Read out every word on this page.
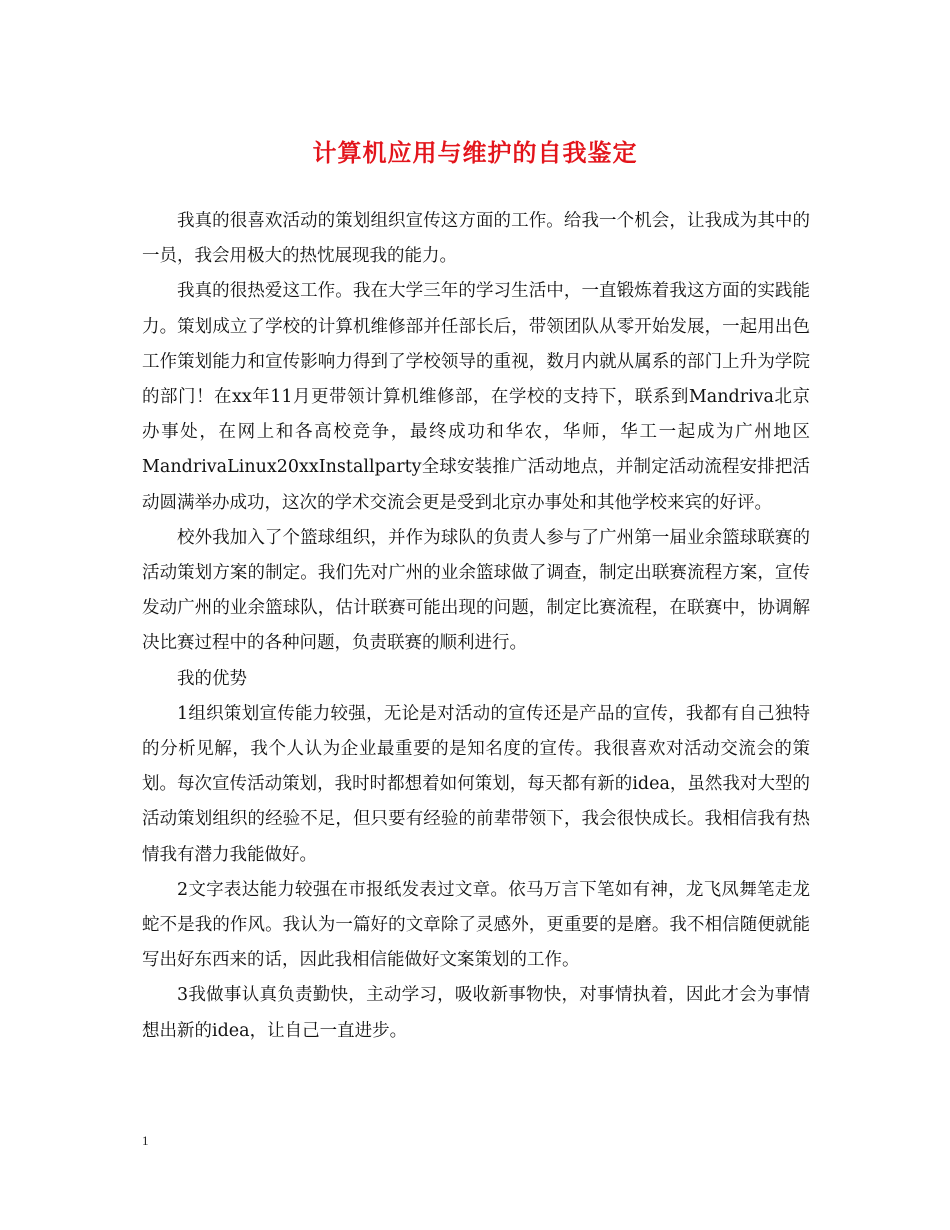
计算机应用与维护的自我鉴定

我真的很喜欢活动的策划组织宣传这方面的工作。给我一个机会，让我成为其中的一员，我会用极大的热忱展现我的能力。

我真的很热爱这工作。我在大学三年的学习生活中，一直锻炼着我这方面的实践能力。策划成立了学校的计算机维修部并任部长后，带领团队从零开始发展，一起用出色工作策划能力和宣传影响力得到了学校领导的重视，数月内就从属系的部门上升为学院的部门！在xx年11月更带领计算机维修部，在学校的支持下，联系到Mandriva北京办事处，在网上和各高校竞争，最终成功和华农，华师，华工一起成为广州地区MandrivaLinux20xxInstallparty全球安装推广活动地点，并制定活动流程安排把活动圆满举办成功，这次的学术交流会更是受到北京办事处和其他学校来宾的好评。

校外我加入了个篮球组织，并作为球队的负责人参与了广州第一届业余篮球联赛的活动策划方案的制定。我们先对广州的业余篮球做了调查，制定出联赛流程方案，宣传发动广州的业余篮球队，估计联赛可能出现的问题，制定比赛流程，在联赛中，协调解决比赛过程中的各种问题，负责联赛的顺利进行。

我的优势

1组织策划宣传能力较强，无论是对活动的宣传还是产品的宣传，我都有自己独特的分析见解，我个人认为企业最重要的是知名度的宣传。我很喜欢对活动交流会的策划。每次宣传活动策划，我时时都想着如何策划，每天都有新的idea，虽然我对大型的活动策划组织的经验不足，但只要有经验的前辈带领下，我会很快成长。我相信我有热情我有潜力我能做好。

2文字表达能力较强在市报纸发表过文章。依马万言下笔如有神，龙飞凤舞笔走龙蛇不是我的作风。我认为一篇好的文章除了灵感外，更重要的是磨。我不相信随便就能写出好东西来的话，因此我相信能做好文案策划的工作。

3我做事认真负责勤快，主动学习，吸收新事物快，对事情执着，因此才会为事情想出新的idea，让自己一直进步。

1
